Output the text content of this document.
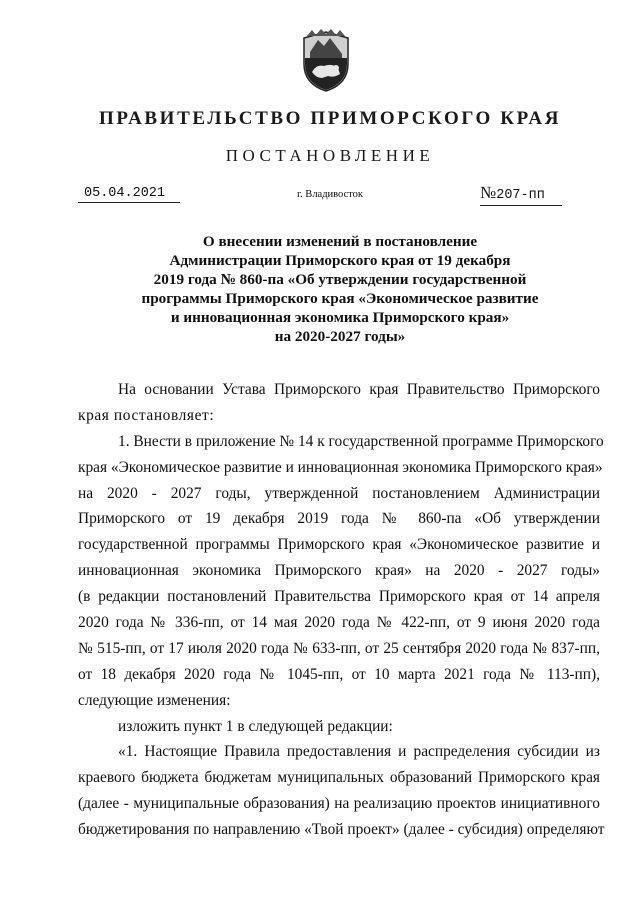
ПРАВИТЕЛЬСТВО ПРИМОРСКОГО КРАЯ
ПОСТАНОВЛЕНИЕ
05.04.2021	г. Владивосток	№207-пп
О внесении изменений в постановление
Администрации Приморского края от 19 декабря
2019 года № 860-па «Об утверждении государственной
программы Приморского края «Экономическое развитие
и инновационная экономика Приморского края»
на 2020-2027 годы»
На основании Устава Приморского края Правительство Приморского
края постановляет:
1. Внести в приложение № 14 к государственной программе Приморского
края «Экономическое развитие и инновационная экономика Приморского края»
на 2020 - 2027 годы, утвержденной постановлением Администрации
Приморского от 19 декабря 2019 года № 860-па «Об утверждении
государственной программы Приморского края «Экономическое развитие и
инновационная экономика Приморского края» на 2020 - 2027 годы»
(в редакции постановлений Правительства Приморского края от 14 апреля
2020 года № 336-пп, от 14 мая 2020 года № 422-пп, от 9 июня 2020 года
№ 515-пп, от 17 июля 2020 года № 633-пп, от 25 сентября 2020 года № 837-пп,
от 18 декабря 2020 года № 1045-пп, от 10 марта 2021 года № 113-пп),
следующие изменения:
изложить пункт 1 в следующей редакции:
«1. Настоящие Правила предоставления и распределения субсидии из
краевого бюджета бюджетам муниципальных образований Приморского края
(далее - муниципальные образования) на реализацию проектов инициативного
бюджетирования по направлению «Твой проект» (далее - субсидия) определяют
